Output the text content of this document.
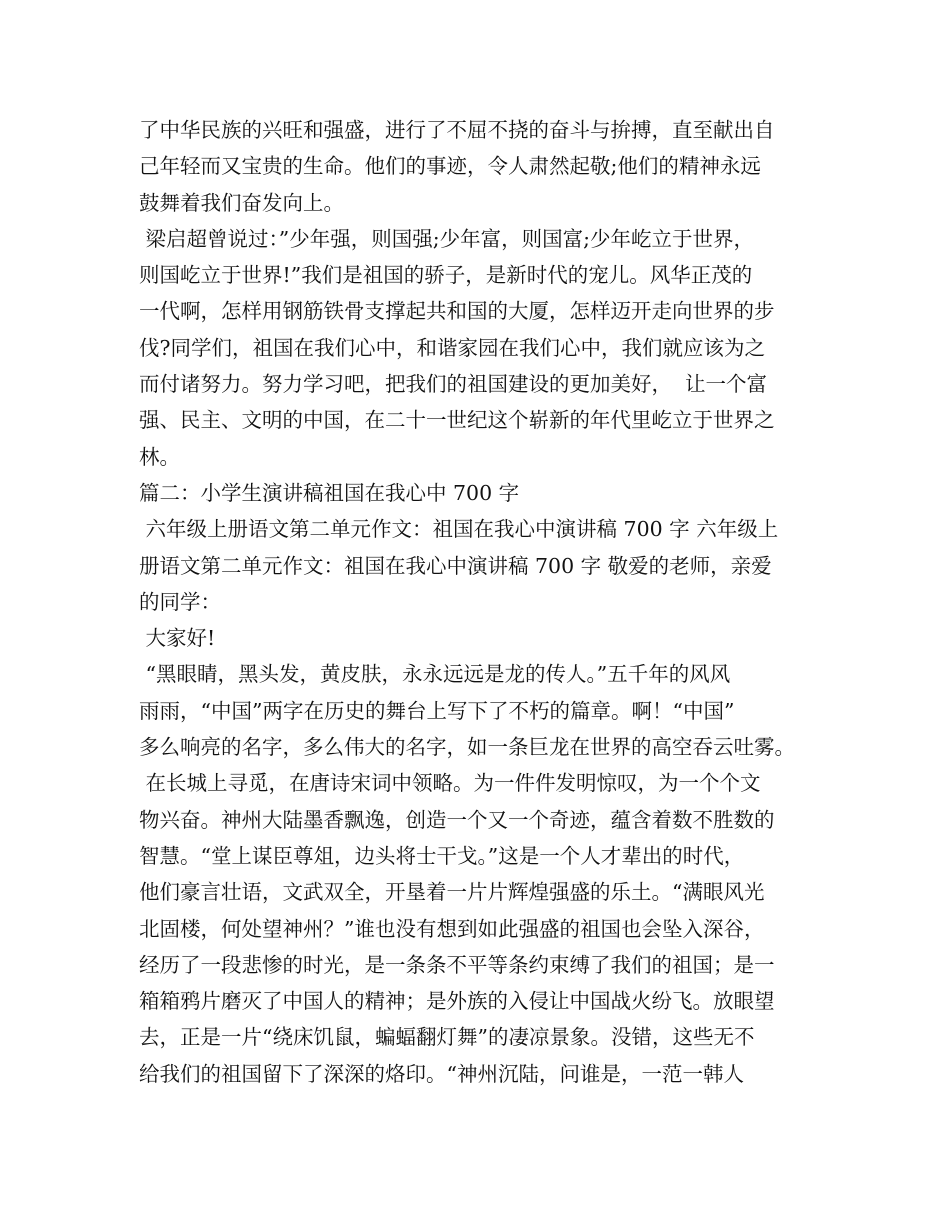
了中华民族的兴旺和强盛，进行了不屈不挠的奋斗与拚搏，直至献出自
己年轻而又宝贵的生命。他们的事迹，令人肃然起敬;他们的精神永远
鼓舞着我们奋发向上。
梁启超曾说过：”少年强，则国强;少年富，则国富;少年屹立于世界，
则国屹立于世界!”我们是祖国的骄子，是新时代的宠儿。风华正茂的
一代啊，怎样用钢筋铁骨支撑起共和国的大厦，怎样迈开走向世界的步
伐?同学们，祖国在我们心中，和谐家园在我们心中，我们就应该为之
而付诸努力。努力学习吧，把我们的祖国建设的更加美好，  让一个富
强、民主、文明的中国，在二十一世纪这个崭新的年代里屹立于世界之
林。
篇二：小学生演讲稿祖国在我心中 700 字
六年级上册语文第二单元作文：祖国在我心中演讲稿 700 字 六年级上
册语文第二单元作文：祖国在我心中演讲稿 700 字 敬爱的老师，亲爱
的同学：
大家好!
“黑眼睛，黑头发，黄皮肤，永永远远是龙的传人。”五千年的风风
雨雨，“中国”两字在历史的舞台上写下了不朽的篇章。啊！“中国”
多么响亮的名字，多么伟大的名字，如一条巨龙在世界的高空吞云吐雾。
在长城上寻觅，在唐诗宋词中领略。为一件件发明惊叹，为一个个文
物兴奋。神州大陆墨香飘逸，创造一个又一个奇迹，蕴含着数不胜数的
智慧。“堂上谋臣尊俎，边头将士干戈。”这是一个人才辈出的时代，
他们豪言壮语，文武双全，开垦着一片片辉煌强盛的乐土。“满眼风光
北固楼，何处望神州？”谁也没有想到如此强盛的祖国也会坠入深谷，
经历了一段悲惨的时光，是一条条不平等条约束缚了我们的祖国；是一
箱箱鸦片磨灭了中国人的精神；是外族的入侵让中国战火纷飞。放眼望
去，正是一片“绕床饥鼠，蝙蝠翻灯舞”的凄凉景象。没错，这些无不
给我们的祖国留下了深深的烙印。“神州沉陆，问谁是，一范一韩人
